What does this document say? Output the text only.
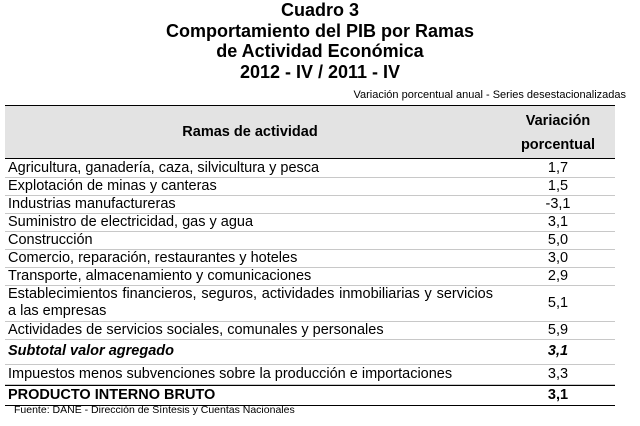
Cuadro 3
Comportamiento del PIB por Ramas
de Actividad Económica
2012 - IV / 2011 - IV
Variación porcentual anual - Series desestacionalizadas
Ramas de actividad
Variación
porcentual
Agricultura, ganadería, caza, silvicultura y pesca	1,7
Explotación de minas y canteras	1,5
Industrias manufactureras	-3,1
Suministro de electricidad, gas y agua	3,1
Construcción	5,0
Comercio, reparación, restaurantes y hoteles	3,0
Transporte, almacenamiento y comunicaciones	2,9
Establecimientos financieros, seguros, actividades inmobiliarias y servicios a las empresas	5,1
Actividades de servicios sociales, comunales y personales	5,9
Subtotal valor agregado	3,1
Impuestos menos subvenciones sobre la producción e importaciones	3,3
PRODUCTO INTERNO BRUTO	3,1
Fuente: DANE - Dirección de Síntesis y Cuentas Nacionales
